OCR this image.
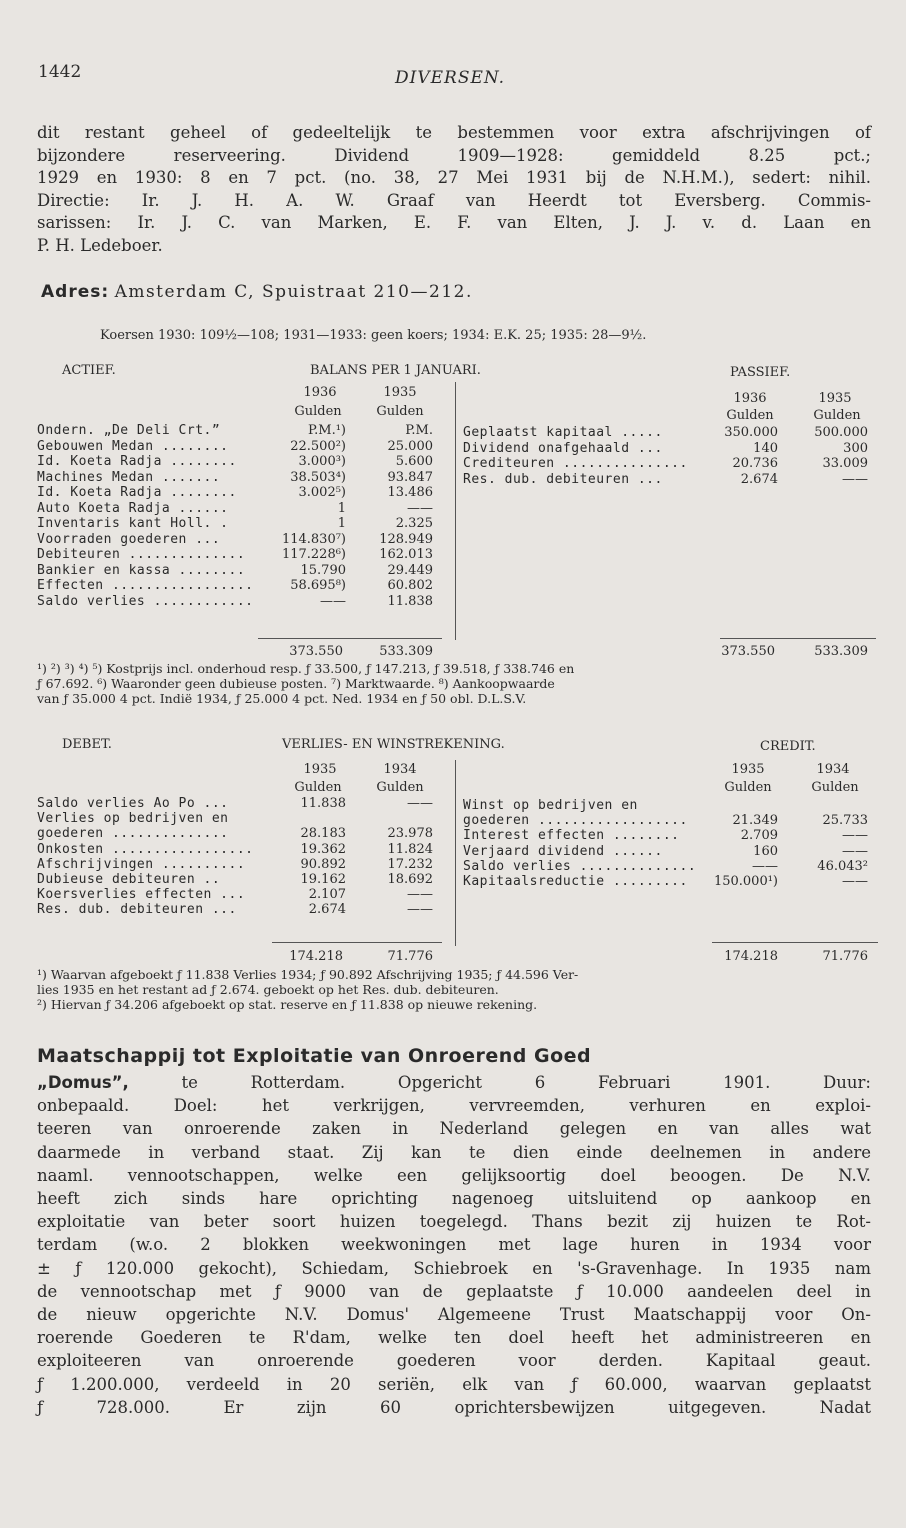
1442	DIVERSEN.
dit restant geheel of gedeeltelijk te bestemmen voor extra afschrijvingen of
bijzondere reserveering. Dividend 1909—1928: gemiddeld 8.25 pct.;
1929 en 1930: 8 en 7 pct. (no. 38, 27 Mei 1931 bij de N.H.M.), sedert: nihil.
Directie: Ir. J. H. A. W. Graaf van Heerdt tot Eversberg. Commis-
sarissen: Ir. J. C. van Marken, E. F. van Elten, J. J. v. d. Laan en
P. H. Ledeboer.
Adres: Amsterdam C, Spuistraat 210—212.
Koersen 1930: 109½—108; 1931—1933: geen koers; 1934: E.K. 25; 1935: 28—9½.
ACTIEF.	BALANS PER 1 JANUARI.	PASSIEF.
1936	1935
Gulden	Gulden
1936	1935
Gulden	Gulden
Ondern. „De Deli Crt.”	P.M.¹)	P.M.
Gebouwen Medan ........	22.500²)	25.000
Id. Koeta Radja ........	3.000³)	5.600
Machines Medan .......	38.503⁴)	93.847
Id. Koeta Radja ........	3.002⁵)	13.486
Auto Koeta Radja ......	1	——
Inventaris kant Holl. .	1	2.325
Voorraden goederen ...	114.830⁷)	128.949
Debiteuren ..............	117.228⁶)	162.013
Bankier en kassa ........	15.790	29.449
Effecten .................	58.695⁸)	60.802
Saldo verlies ............	——	11.838
Geplaatst kapitaal .....	350.000	500.000
Dividend onafgehaald ...	140	300
Crediteuren ...............	20.736	33.009
Res. dub. debiteuren ...	2.674	——
373.550	533.309	373.550	533.309
¹) ²) ³) ⁴) ⁵) Kostprijs incl. onderhoud resp. ƒ 33.500, ƒ 147.213, ƒ 39.518, ƒ 338.746 en
ƒ 67.692. ⁶) Waaronder geen dubieuse posten. ⁷) Marktwaarde. ⁸) Aankoopwaarde
van ƒ 35.000 4 pct. Indië 1934, ƒ 25.000 4 pct. Ned. 1934 en ƒ 50 obl. D.L.S.V.
DEBET.	VERLIES- EN WINSTREKENING.	CREDIT.
1935	1934
Gulden	Gulden
1935	1934
Gulden	Gulden
Saldo verlies Ao Po ...	11.838	——
Verlies op bedrijven en
goederen ..............	28.183	23.978
Onkosten .................	19.362	11.824
Afschrijvingen ..........	90.892	17.232
Dubieuse debiteuren ..	19.162	18.692
Koersverlies effecten ...	2.107	——
Res. dub. debiteuren ...	2.674	——
Winst op bedrijven en
goederen ..................	21.349	25.733
Interest effecten ........	2.709	——
Verjaard dividend ......	160	——
Saldo verlies ..............	——	46.043²
Kapitaalsreductie .........	150.000¹)	——
174.218	71.776	174.218	71.776
¹) Waarvan afgeboekt ƒ 11.838 Verlies 1934; ƒ 90.892 Afschrijving 1935; ƒ 44.596 Ver-
lies 1935 en het restant ad ƒ 2.674. geboekt op het Res. dub. debiteuren.
²) Hiervan ƒ 34.206 afgeboekt op stat. reserve en ƒ 11.838 op nieuwe rekening.
Maatschappij tot Exploitatie van Onroerend Goed
„Domus”, te Rotterdam. Opgericht 6 Februari 1901. Duur:
onbepaald. Doel: het verkrijgen, vervreemden, verhuren en exploi-
teeren van onroerende zaken in Nederland gelegen en van alles wat
daarmede in verband staat. Zij kan te dien einde deelnemen in andere
naaml. vennootschappen, welke een gelijksoortig doel beoogen. De N.V.
heeft zich sinds hare oprichting nagenoeg uitsluitend op aankoop en
exploitatie van beter soort huizen toegelegd. Thans bezit zij huizen te Rot-
terdam (w.o. 2 blokken weekwoningen met lage huren in 1934 voor
± ƒ 120.000 gekocht), Schiedam, Schiebroek en 's-Gravenhage. In 1935 nam
de vennootschap met ƒ 9000 van de geplaatste ƒ 10.000 aandeelen deel in
de nieuw opgerichte N.V. Domus' Algemeene Trust Maatschappij voor On-
roerende Goederen te R'dam, welke ten doel heeft het administreeren en
exploiteeren van onroerende goederen voor derden. Kapitaal geaut.
ƒ 1.200.000, verdeeld in 20 seriën, elk van ƒ 60.000, waarvan geplaatst
ƒ 728.000. Er zijn 60 oprichtersbewijzen uitgegeven. Nadat
